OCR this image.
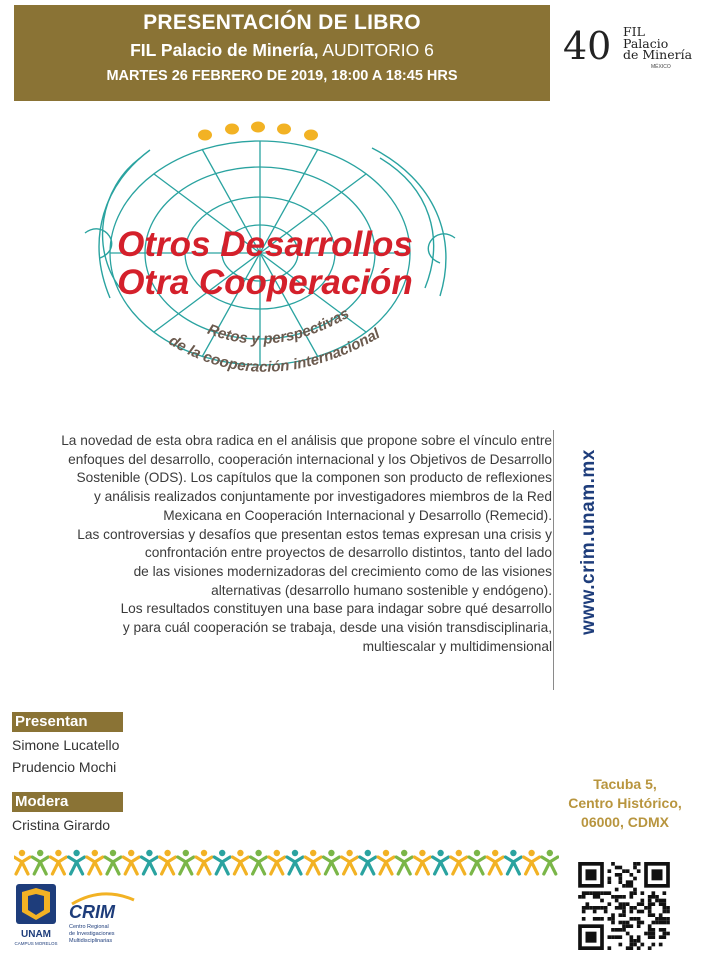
PRESENTACIÓN DE LIBRO
FIL Palacio de Minería, AUDITORIO 6
MARTES 26 FEBRERO DE 2019, 18:00 A 18:45 HRS
40 FIL
Palacio
de Minería
MÉXICO
Otros Desarrollos
Otra Cooperación
Retos y perspectivas
de la cooperación internacional

La novedad de esta obra radica en el análisis que propone sobre el vínculo entre

enfoques del desarrollo, cooperación internacional y los Objetivos de Desarrollo

Sostenible (ODS). Los capítulos que la componen son producto de reflexiones

y análisis realizados conjuntamente por investigadores miembros de la Red

Mexicana en Cooperación Internacional y Desarrollo (Remecid).

Las controversias y desafíos que presentan estos temas expresan una crisis y

confrontación entre proyectos de desarrollo distintos, tanto del lado

de las visiones modernizadoras del crecimiento como de las visiones

alternativas (desarrollo humano sostenible y endógeno).

Los resultados constituyen una base para indagar sobre qué desarrollo

y para cuál cooperación se trabaja, desde una visión transdisciplinaria,

multiescalar y multidimensional

www.crim.unam.mx
Presentan
Simone Lucatello
Prudencio Mochi
Modera
Cristina Girardo
Tacuba 5,
Centro Histórico,
06000, CDMX
UNAM
CAMPUS MORELOS
CRIM
Centro Regional
de Investigaciones
Multidisciplinarias
